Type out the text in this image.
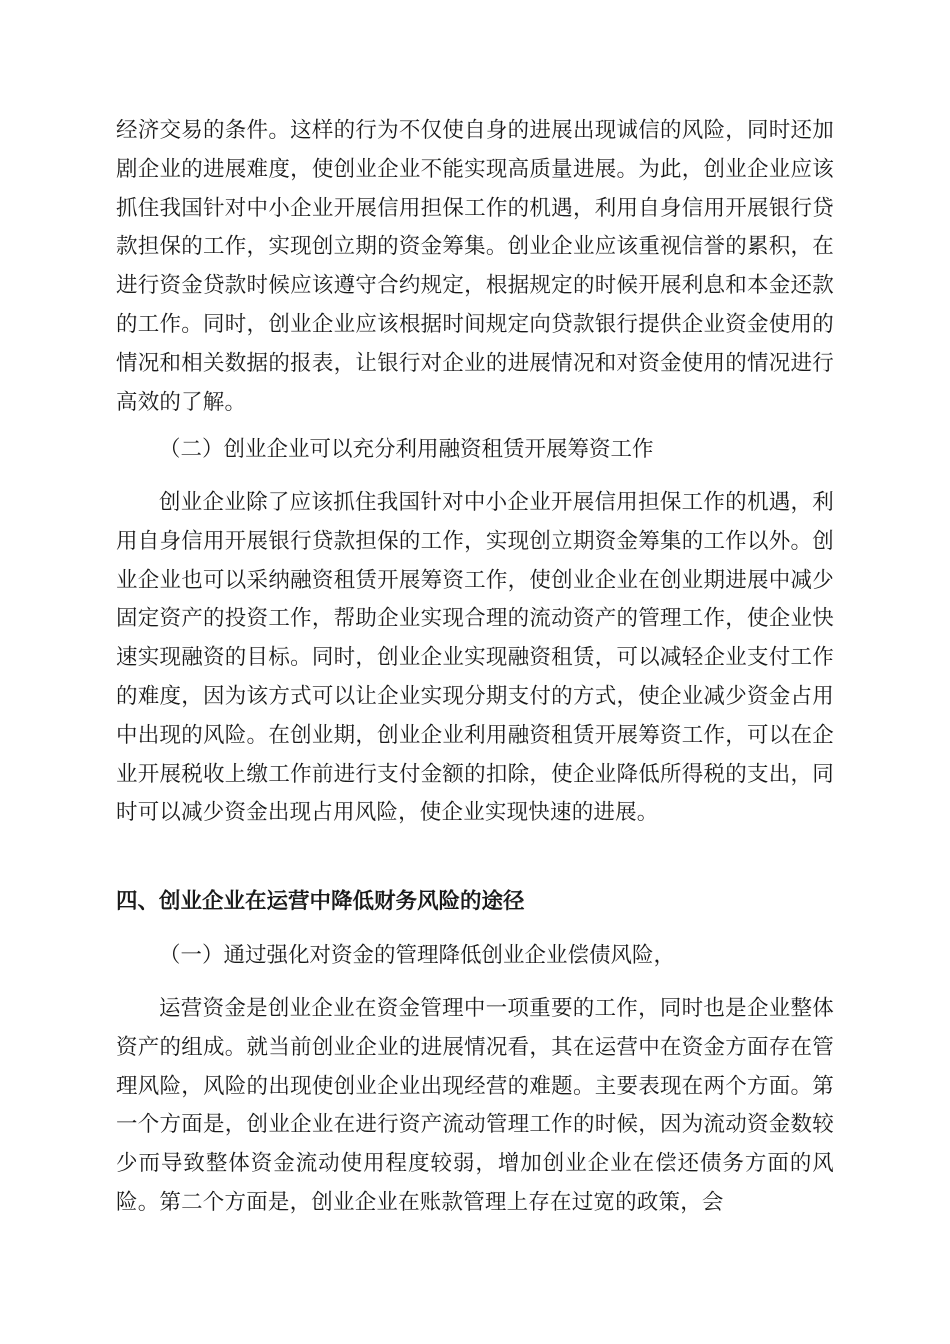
经济交易的条件。这样的行为不仅使自身的进展出现诚信的风险，同时还加剧企业的进展难度，使创业企业不能实现高质量进展。为此，创业企业应该抓住我国针对中小企业开展信用担保工作的机遇，利用自身信用开展银行贷款担保的工作，实现创立期的资金筹集。创业企业应该重视信誉的累积，在进行资金贷款时候应该遵守合约规定，根据规定的时候开展利息和本金还款的工作。同时，创业企业应该根据时间规定向贷款银行提供企业资金使用的情况和相关数据的报表，让银行对企业的进展情况和对资金使用的情况进行高效的了解。

（二）创业企业可以充分利用融资租赁开展筹资工作

创业企业除了应该抓住我国针对中小企业开展信用担保工作的机遇，利用自身信用开展银行贷款担保的工作，实现创立期资金筹集的工作以外。创业企业也可以采纳融资租赁开展筹资工作，使创业企业在创业期进展中减少固定资产的投资工作，帮助企业实现合理的流动资产的管理工作，使企业快速实现融资的目标。同时，创业企业实现融资租赁，可以减轻企业支付工作的难度，因为该方式可以让企业实现分期支付的方式，使企业减少资金占用中出现的风险。在创业期，创业企业利用融资租赁开展筹资工作，可以在企业开展税收上缴工作前进行支付金额的扣除，使企业降低所得税的支出，同时可以减少资金出现占用风险，使企业实现快速的进展。

四、创业企业在运营中降低财务风险的途径

（一）通过强化对资金的管理降低创业企业偿债风险，

运营资金是创业企业在资金管理中一项重要的工作，同时也是企业整体资产的组成。就当前创业企业的进展情况看，其在运营中在资金方面存在管理风险，风险的出现使创业企业出现经营的难题。主要表现在两个方面。第一个方面是，创业企业在进行资产流动管理工作的时候，因为流动资金数较少而导致整体资金流动使用程度较弱，增加创业企业在偿还债务方面的风险。第二个方面是，创业企业在账款管理上存在过宽的政策，会
